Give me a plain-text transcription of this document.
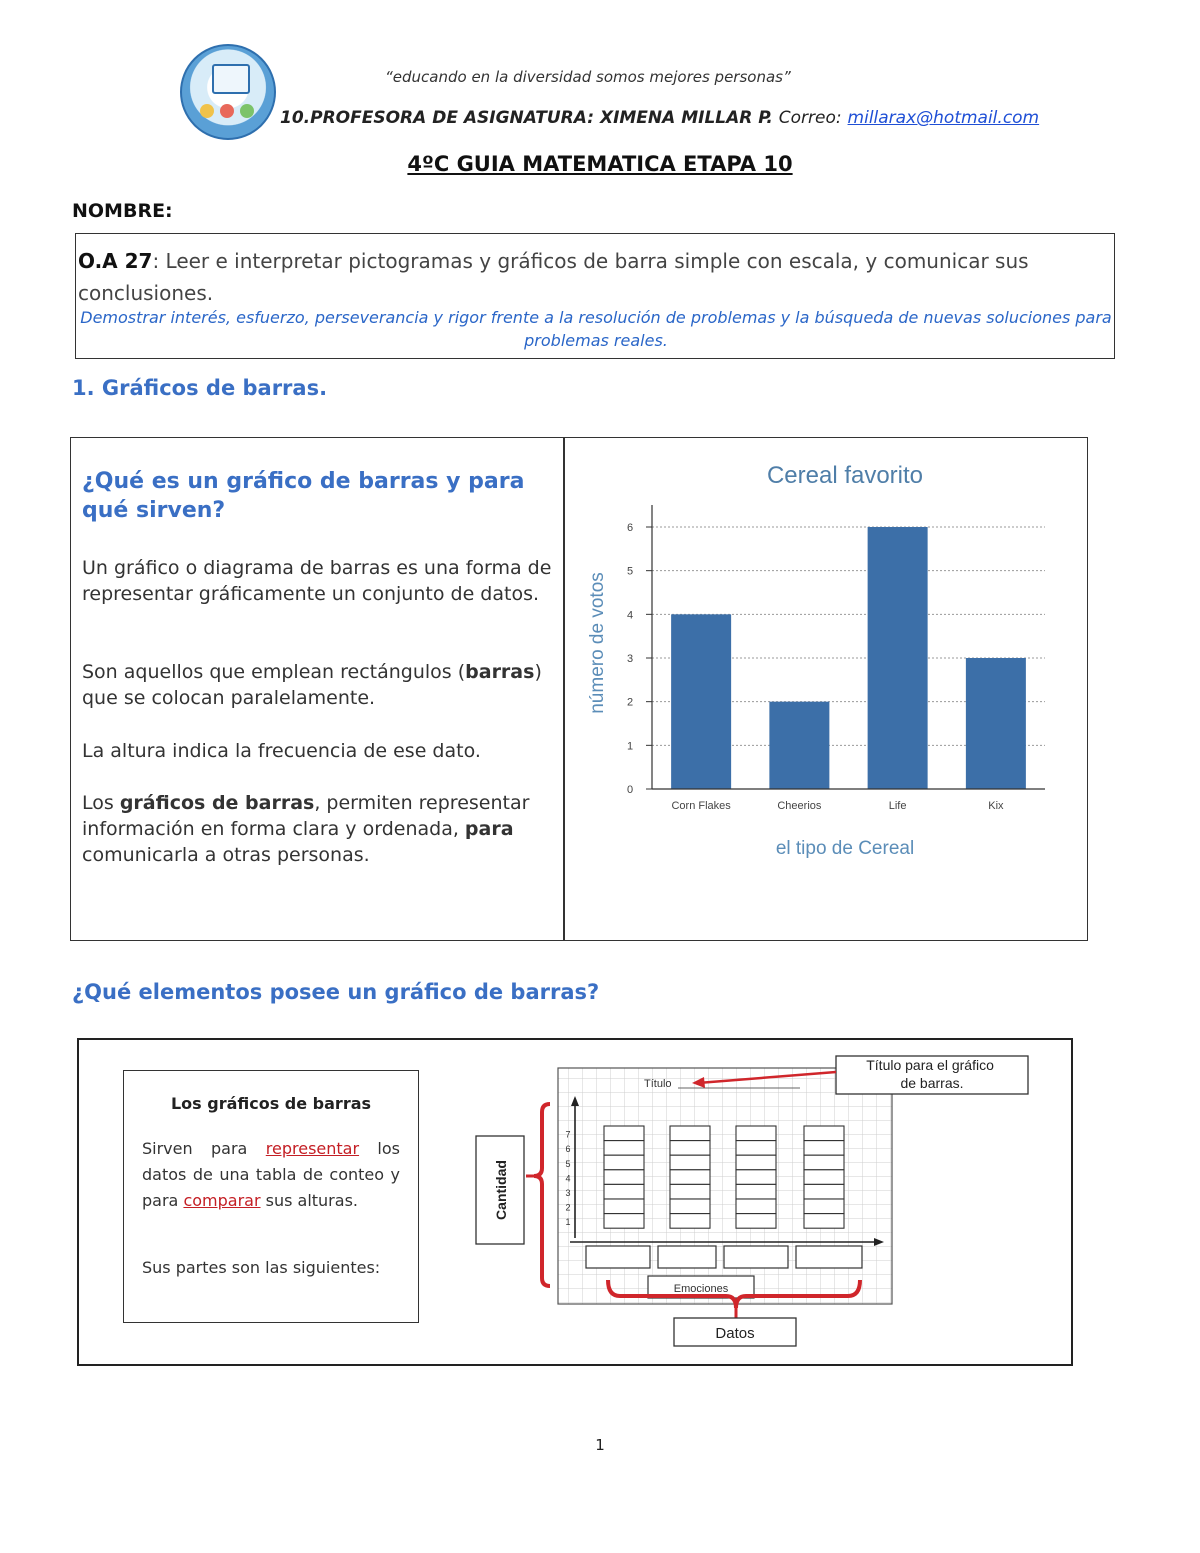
“educando en la diversidad somos mejores personas”
10.PROFESORA DE ASIGNATURA: XIMENA MILLAR P. Correo: millarax@hotmail.com
4ºC GUIA MATEMATICA ETAPA 10
NOMBRE:
O.A 27: Leer e interpretar pictogramas y gráficos de barra simple con escala, y comunicar sus conclusiones.
Demostrar interés, esfuerzo, perseverancia y rigor frente a la resolución de problemas y la búsqueda de nuevas soluciones para problemas reales.
1. Gráficos de barras.
¿Qué es un gráfico de barras y para qué sirven?
Un gráfico o diagrama de barras es una forma de representar gráficamente un conjunto de datos.
Son aquellos que emplean rectángulos (barras) que se colocan paralelamente.
La altura indica la frecuencia de ese dato.
Los gráficos de barras, permiten representar información en forma clara y ordenada, para comunicarla a otras personas.
Cereal favorito
0
1
2
3
4
5
6
Corn Flakes	Cheerios	Life	Kix
el tipo de Cereal
número de votos
¿Qué elementos posee un gráfico de barras?
Los gráficos de barras
Sirven para representar los datos de una tabla de conteo y para comparar sus alturas.
Sus partes son las siguientes:
Título
Título para el gráfico de barras.
1
2
3
4
5
6
7
Emociones
Cantidad
Datos
1
